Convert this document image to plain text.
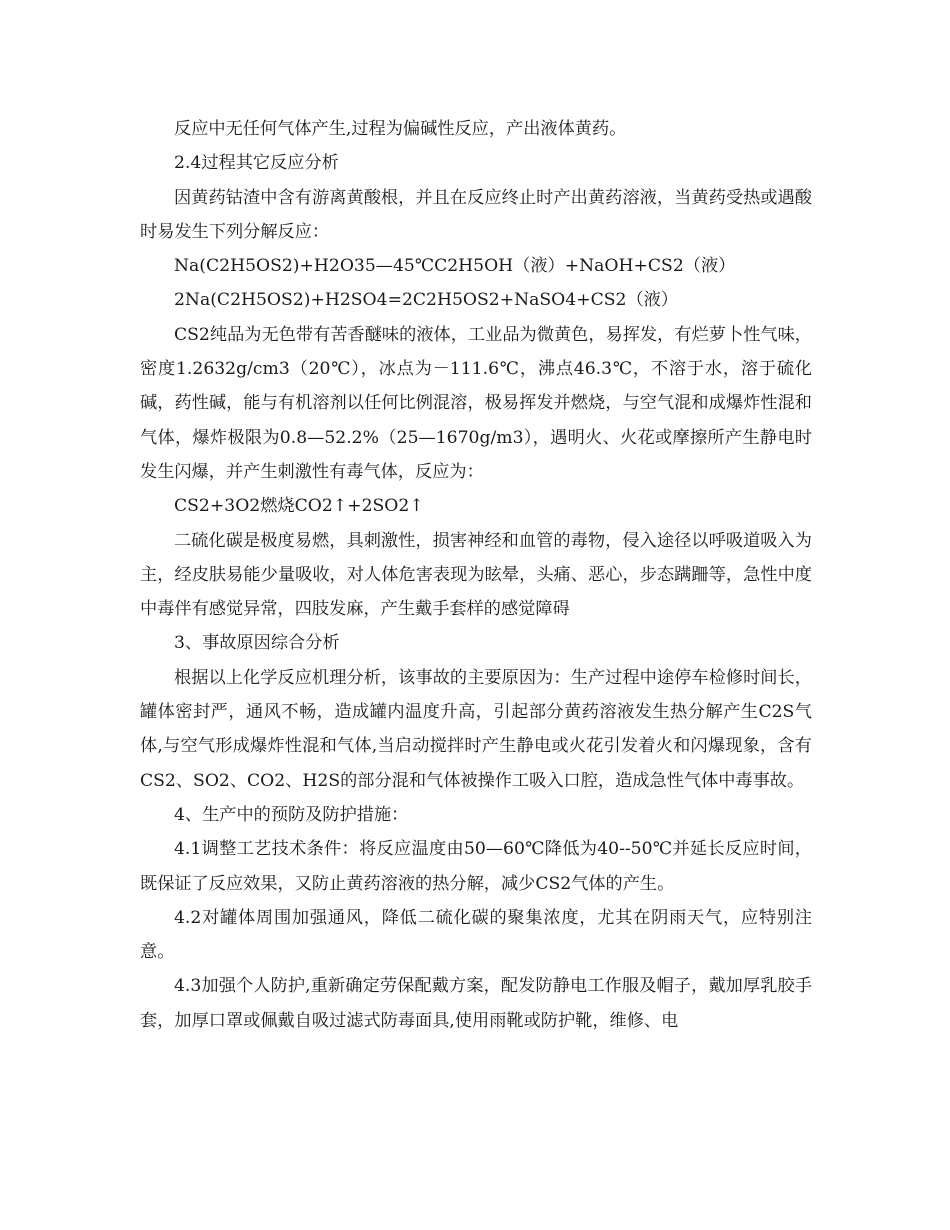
反应中无任何气体产生,过程为偏碱性反应，产出液体黄药。

2.4过程其它反应分析

因黄药钴渣中含有游离黄酸根，并且在反应终止时产出黄药溶液，当黄药受热或遇酸时易发生下列分解反应：

Na(C2H5OS2)+H2O35—45℃C2H5OH（液）+NaOH+CS2（液）

2Na(C2H5OS2)+H2SO4=2C2H5OS2+NaSO4+CS2（液）

CS2纯品为无色带有苦香醚味的液体，工业品为微黄色，易挥发，有烂萝卜性气味，密度1.2632g/cm3（20℃），冰点为－111.6℃，沸点46.3℃，不溶于水，溶于硫化碱，药性碱，能与有机溶剂以任何比例混溶，极易挥发并燃烧，与空气混和成爆炸性混和气体，爆炸极限为0.8—52.2%（25—1670g/m3），遇明火、火花或摩擦所产生静电时发生闪爆，并产生刺激性有毒气体，反应为：

CS2+3O2燃烧CO2↑+2SO2↑

二硫化碳是极度易燃，具刺激性，损害神经和血管的毒物，侵入途径以呼吸道吸入为主，经皮肤易能少量吸收，对人体危害表现为眩晕，头痛、恶心，步态蹒跚等，急性中度中毒伴有感觉异常，四肢发麻，产生戴手套样的感觉障碍

3、事故原因综合分析

根据以上化学反应机理分析，该事故的主要原因为：生产过程中途停车检修时间长，罐体密封严，通风不畅，造成罐内温度升高，引起部分黄药溶液发生热分解产生C2S气体,与空气形成爆炸性混和气体,当启动搅拌时产生静电或火花引发着火和闪爆现象，含有CS2、SO2、CO2、H2S的部分混和气体被操作工吸入口腔，造成急性气体中毒事故。

4、生产中的预防及防护措施：

4.1调整工艺技术条件：将反应温度由50—60℃降低为40--50℃并延长反应时间，既保证了反应效果，又防止黄药溶液的热分解，减少CS2气体的产生。

4.2对罐体周围加强通风，降低二硫化碳的聚集浓度，尤其在阴雨天气，应特别注意。

4.3加强个人防护,重新确定劳保配戴方案，配发防静电工作服及帽子，戴加厚乳胶手套，加厚口罩或佩戴自吸过滤式防毒面具,使用雨靴或防护靴，维修、电
